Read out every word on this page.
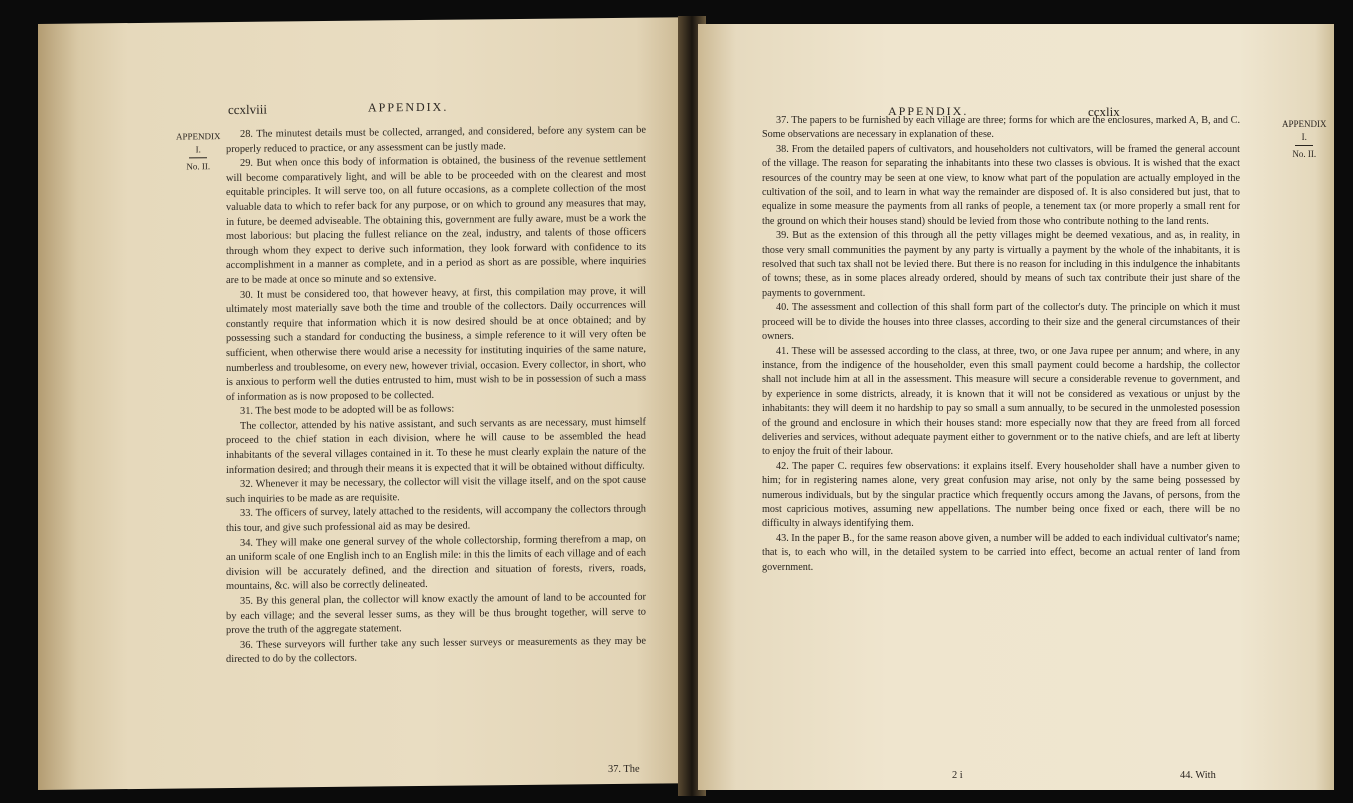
ccxlviii	APPENDIX.
APPENDIX
I.
No. II.

28. The minutest details must be collected, arranged, and considered, before any system can be properly reduced to practice, or any assessment can be justly made.

29. But when once this body of information is obtained, the business of the revenue settlement will become comparatively light, and will be able to be proceeded with on the clearest and most equitable principles. It will serve too, on all future occasions, as a complete collection of the most valuable data to which to refer back for any purpose, or on which to ground any measures that may, in future, be deemed adviseable. The obtaining this, government are fully aware, must be a work the most laborious: but placing the fullest reliance on the zeal, industry, and talents of those officers through whom they expect to derive such information, they look forward with confidence to its accomplishment in a manner as complete, and in a period as short as are possible, where inquiries are to be made at once so minute and so extensive.

30. It must be considered too, that however heavy, at first, this compilation may prove, it will ultimately most materially save both the time and trouble of the collectors. Daily occurrences will constantly require that information which it is now desired should be at once obtained; and by possessing such a standard for conducting the business, a simple reference to it will very often be sufficient, when otherwise there would arise a necessity for instituting inquiries of the same nature, numberless and troublesome, on every new, however trivial, occasion. Every collector, in short, who is anxious to perform well the duties entrusted to him, must wish to be in possession of such a mass of information as is now proposed to be collected.

31. The best mode to be adopted will be as follows:

The collector, attended by his native assistant, and such servants as are necessary, must himself proceed to the chief station in each division, where he will cause to be assembled the head inhabitants of the several villages contained in it. To these he must clearly explain the nature of the information desired; and through their means it is expected that it will be obtained without difficulty.

32. Whenever it may be necessary, the collector will visit the village itself, and on the spot cause such inquiries to be made as are requisite.

33. The officers of survey, lately attached to the residents, will accompany the collectors through this tour, and give such professional aid as may be desired.

34. They will make one general survey of the whole collectorship, forming therefrom a map, on an uniform scale of one English inch to an English mile: in this the limits of each village and of each division will be accurately defined, and the direction and situation of forests, rivers, roads, mountains, &c. will also be correctly delineated.

35. By this general plan, the collector will know exactly the amount of land to be accounted for by each village; and the several lesser sums, as they will be thus brought together, will serve to prove the truth of the aggregate statement.

36. These surveyors will further take any such lesser surveys or measurements as they may be directed to do by the collectors.

37. The
APPENDIX.	ccxlix
APPENDIX
I.
No. II.

37. The papers to be furnished by each village are three; forms for which are the enclosures, marked A, B, and C. Some observations are necessary in explanation of these.

38. From the detailed papers of cultivators, and householders not cultivators, will be framed the general account of the village. The reason for separating the inhabitants into these two classes is obvious. It is wished that the exact resources of the country may be seen at one view, to know what part of the population are actually employed in the cultivation of the soil, and to learn in what way the remainder are disposed of. It is also considered but just, that to equalize in some measure the payments from all ranks of people, a tenement tax (or more properly a small rent for the ground on which their houses stand) should be levied from those who contribute nothing to the land rents.

39. But as the extension of this through all the petty villages might be deemed vexatious, and as, in reality, in those very small communities the payment by any party is virtually a payment by the whole of the inhabitants, it is resolved that such tax shall not be levied there. But there is no reason for including in this indulgence the inhabitants of towns; these, as in some places already ordered, should by means of such tax contribute their just share of the payments to government.

40. The assessment and collection of this shall form part of the collector's duty. The principle on which it must proceed will be to divide the houses into three classes, according to their size and the general circumstances of their owners.

41. These will be assessed according to the class, at three, two, or one Java rupee per annum; and where, in any instance, from the indigence of the householder, even this small payment could become a hardship, the collector shall not include him at all in the assessment. This measure will secure a considerable revenue to government, and by experience in some districts, already, it is known that it will not be considered as vexatious or unjust by the inhabitants: they will deem it no hardship to pay so small a sum annually, to be secured in the unmolested posession of the ground and enclosure in which their houses stand: more especially now that they are freed from all forced deliveries and services, without adequate payment either to government or to the native chiefs, and are left at liberty to enjoy the fruit of their labour.

42. The paper C. requires few observations: it explains itself. Every householder shall have a number given to him; for in registering names alone, very great confusion may arise, not only by the same being possessed by numerous individuals, but by the singular practice which frequently occurs among the Javans, of persons, from the most capricious motives, assuming new appellations. The number being once fixed or each, there will be no difficulty in always identifying them.

43. In the paper B., for the same reason above given, a number will be added to each individual cultivator's name; that is, to each who will, in the detailed system to be carried into effect, become an actual renter of land from government.

2 i	44. With
